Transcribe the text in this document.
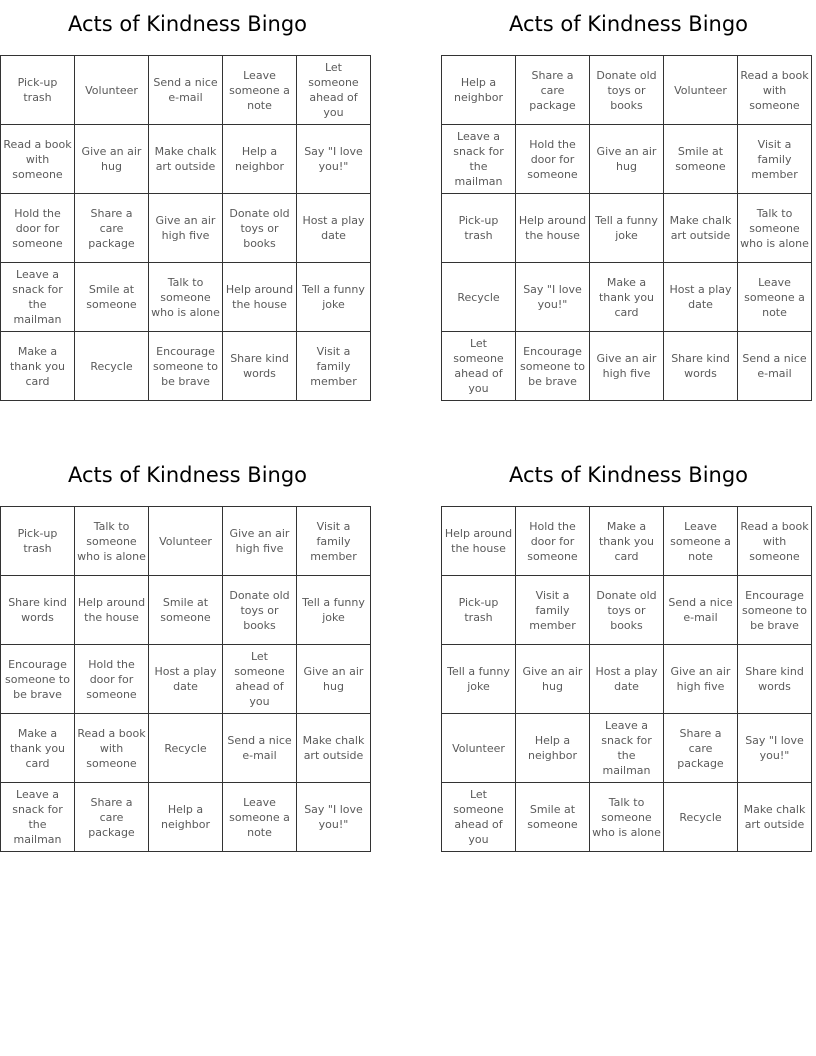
Acts of Kindness Bingo
Pick-up trash	Volunteer	Send a nice e-mail	Leave someone a note	Let someone ahead of you
Read a book with someone	Give an air hug	Make chalk art outside	Help a neighbor	Say "I love you!"
Hold the door for someone	Share a care package	Give an air high five	Donate old toys or books	Host a play date
Leave a snack for the mailman	Smile at someone	Talk to someone who is alone	Help around the house	Tell a funny joke
Make a thank you card	Recycle	Encourage someone to be brave	Share kind words	Visit a family member
Acts of Kindness Bingo
Help a neighbor	Share a care package	Donate old toys or books	Volunteer	Read a book with someone
Leave a snack for the mailman	Hold the door for someone	Give an air hug	Smile at someone	Visit a family member
Pick-up trash	Help around the house	Tell a funny joke	Make chalk art outside	Talk to someone who is alone
Recycle	Say "I love you!"	Make a thank you card	Host a play date	Leave someone a note
Let someone ahead of you	Encourage someone to be brave	Give an air high five	Share kind words	Send a nice e-mail
Acts of Kindness Bingo
Pick-up trash	Talk to someone who is alone	Volunteer	Give an air high five	Visit a family member
Share kind words	Help around the house	Smile at someone	Donate old toys or books	Tell a funny joke
Encourage someone to be brave	Hold the door for someone	Host a play date	Let someone ahead of you	Give an air hug
Make a thank you card	Read a book with someone	Recycle	Send a nice e-mail	Make chalk art outside
Leave a snack for the mailman	Share a care package	Help a neighbor	Leave someone a note	Say "I love you!"
Acts of Kindness Bingo
Help around the house	Hold the door for someone	Make a thank you card	Leave someone a note	Read a book with someone
Pick-up trash	Visit a family member	Donate old toys or books	Send a nice e-mail	Encourage someone to be brave
Tell a funny joke	Give an air hug	Host a play date	Give an air high five	Share kind words
Volunteer	Help a neighbor	Leave a snack for the mailman	Share a care package	Say "I love you!"
Let someone ahead of you	Smile at someone	Talk to someone who is alone	Recycle	Make chalk art outside
